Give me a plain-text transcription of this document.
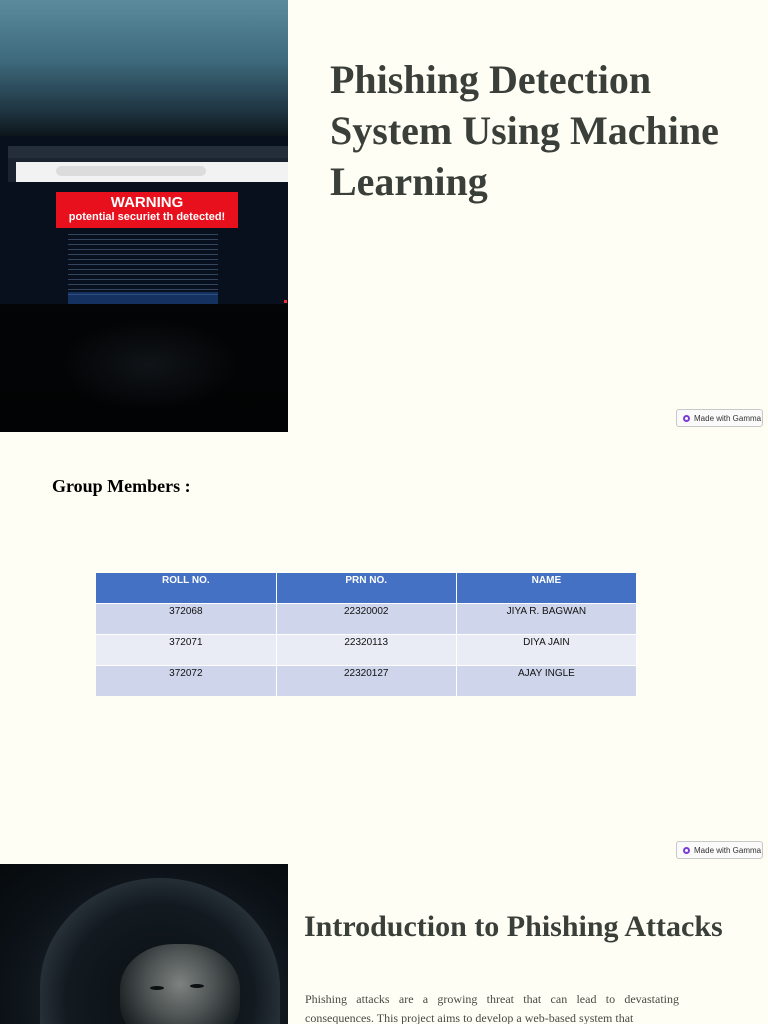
WARNING
potential securiet th detected!
Phishing Detection System Using Machine Learning
Made with Gamma
Group Members :
ROLL NO.	PRN NO.	NAME
372068	22320002	JIYA R. BAGWAN
372071	22320113	DIYA JAIN
372072	22320127	AJAY INGLE
Made with Gamma
Introduction to Phishing Attacks

Phishing attacks are a growing threat that can lead to devastating consequences. This project aims to develop a web-based system that
